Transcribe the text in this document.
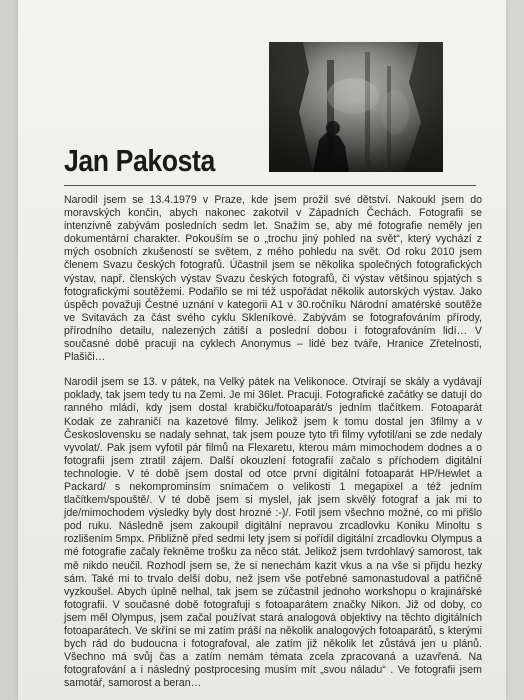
Jan Pakosta

Narodil jsem se 13.4.1979 v Praze, kde jsem prožil své dětství. Nakoukl jsem do moravských končin, abych nakonec zakotvil v Západních Čechách. Fotografii se intenzivně zabývám posledních sedm let. Snažím se, aby mé fotografie neměly jen dokumentární charakter. Pokouším se o „trochu jiný pohled na svět“, který vychází z mých osobních zkušeností se světem, z mého pohledu na svět. Od roku 2010 jsem členem Svazu českých fotografů. Účastnil jsem se několika společných fotografických výstav, např. členských výstav Svazu českých fotografů, či výstav většinou spjatých s fotografickými soutěžemi. Podařilo se mi též uspořádat několik autorských výstav. Jako úspěch považuji Čestné uznání v kategorii A1 v 30.ročníku Národní amatérské soutěže ve Svitavách za část svého cyklu Skleníkové. Zabývám se fotografováním přírody, přírodního detailu, nalezených zátiší a poslední dobou i fotografováním lidí… V současné době pracuji na cyklech Anonymus – lidé bez tváře, Hranice Zřetelnosti, Plašiči…

Narodil jsem se 13. v pátek, na Velký pátek na Velikonoce. Otvírají se skály a vydávají poklady, tak jsem tedy tu na Zemi. Je mi 36let. Pracuji. Fotografické začátky se datují do ranného mládí, kdy jsem dostal krabičku/fotoaparát/s jedním tlačítkem. Fotoaparát Kodak ze zahraničí na kazetové filmy. Jelikož jsem k tomu dostal jen 3filmy a v Československu se nadaly sehnat, tak jsem pouze tyto tři filmy vyfotil/ani se zde nedaly vyvolat/. Pak jsem vyfotil pár filmů na Flexaretu, kterou mám mimochodem dodnes a o fotografii jsem ztratil zájem. Další okouzlení fotografií začalo s příchodem digitální technologie. V té době jsem dostal od otce první digitální fotoaparát HP/Hewlet a Packard/ s nekomprominsím snímačem o velikosti 1 megapixel a též jedním tlačítkem/spouště/. V té době jsem si myslel, jak jsem skvělý fotograf a jak mi to jde/mimochodem výsledky byly dost hrozné :-)/. Fotil jsem všechno možné, co mi přišlo pod ruku. Následně jsem zakoupil digitální nepravou zrcadlovku Koniku Minoltu s rozlišením 5mpx. Přibližně před sedmi lety jsem si pořídil digitální zrcadlovku Olympus a mé fotografie začaly řekněme trošku za něco stát. Jelikož jsem tvrdohlavý samorost, tak mě nikdo neučil. Rozhodl jsem se, že si nenechám kazit vkus a na vše si přijdu hezky sám. Také mi to trvalo delší dobu, než jsem vše potřebné samonastudoval a patřičně vyzkoušel. Abych úplně nelhal, tak jsem se zúčastnil jednoho workshopu o krajinářské fotografii. V současné době fotografuji s fotoaparátem značky Nikon. Již od doby, co jsem měl Olympus, jsem začal používat stará analogová objektivy na těchto digitálních fotoaparátech. Ve skříni se mi zatím práší na několik analogových fotoaparátů, s kterými bych rád do budoucna i fotografoval, ale zatím již několik let zůstává jen u plánů. Všechno má svůj čas a zatím nemám témata zcela zpracovaná a uzavřená. Na fotografování a i následný postprocesing musím mít „svou náladu“ . Ve fotografii jsem samotář, samorost a beran…
